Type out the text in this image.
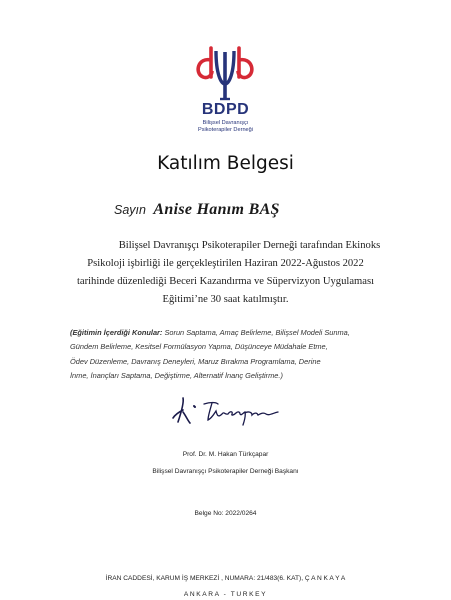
BDPD
Bilişsel Davranışçı
Psikoterapiler Derneği
Katılım Belgesi
Sayın Anise Hanım BAŞ
Bilişsel Davranışçı Psikoterapiler Derneği tarafından Ekinoks
Psikoloji işbirliği ile gerçekleştirilen Haziran 2022-Ağustos 2022
tarihinde düzenlediği Beceri Kazandırma ve Süpervizyon Uygulaması
Eğitimi’ne 30 saat katılmıştır.
(Eğitimin İçerdiği Konular: Sorun Saptama, Amaç Belirleme, Bilişsel Modeli Sunma,
Gündem Belirleme, Kesitsel Formülasyon Yapma, Düşünceye Müdahale Etme,
Ödev Düzenleme, Davranış Deneyleri, Maruz Bırakma Programlama, Derine
İnme, İnançları Saptama, Değiştirme, Alternatif İnanç Geliştirme.)
Prof. Dr. M. Hakan Türkçapar
Bilişsel Davranışçı Psikoterapiler Derneği Başkanı
Belge No: 2022/0264
İRAN CADDESİ, KARUM İŞ MERKEZİ , NUMARA: 21/483(6. KAT), Ç A N K A Y A
ANKARA - TURKEY
